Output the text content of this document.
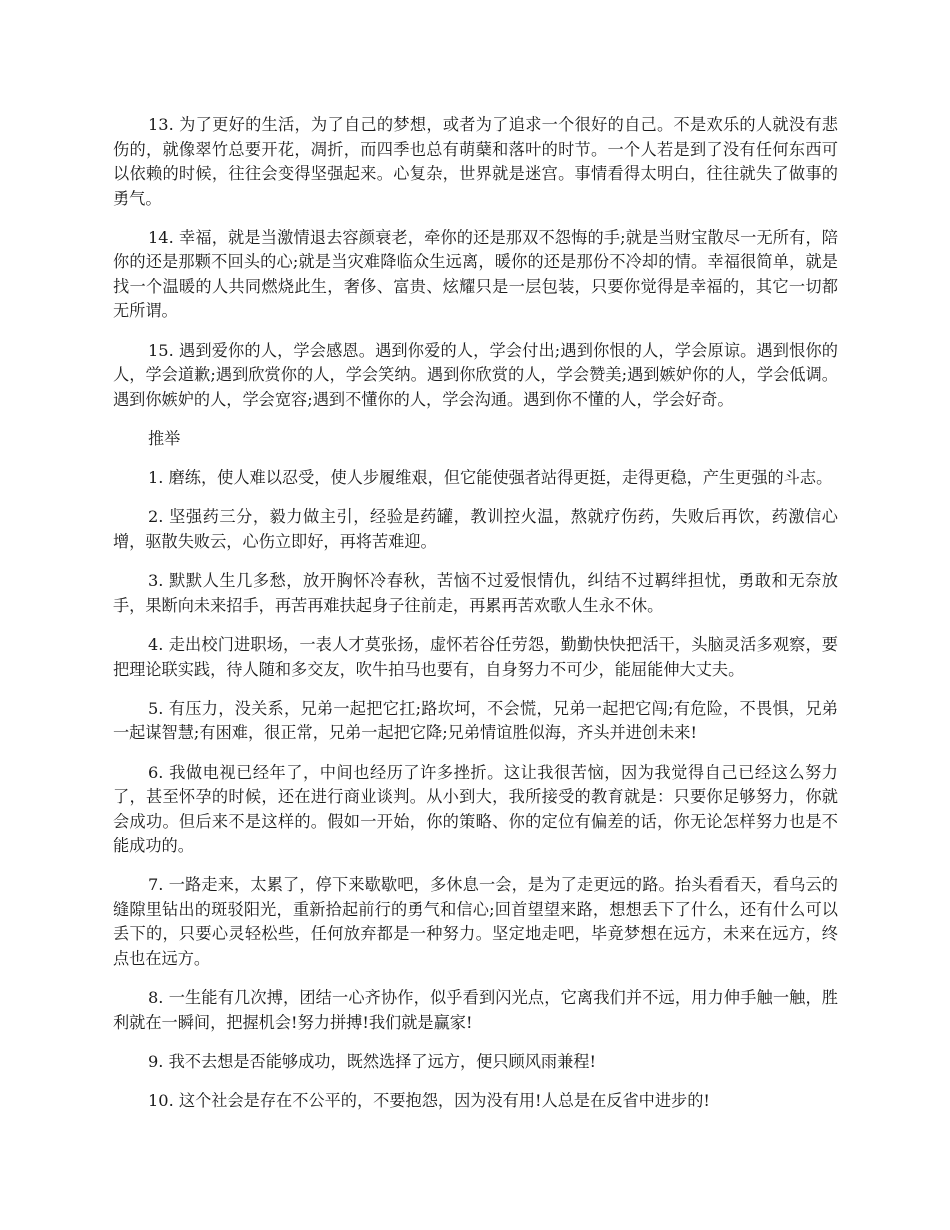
13. 为了更好的生活，为了自己的梦想，或者为了追求一个很好的自己。不是欢乐的人就没有悲伤的，就像翠竹总要开花，凋折，而四季也总有萌蘖和落叶的时节。一个人若是到了没有任何东西可以依赖的时候，往往会变得坚强起来。心复杂，世界就是迷宫。事情看得太明白，往往就失了做事的勇气。

14. 幸福，就是当激情退去容颜衰老，牵你的还是那双不怨悔的手;就是当财宝散尽一无所有，陪你的还是那颗不回头的心;就是当灾难降临众生远离，暖你的还是那份不冷却的情。幸福很简单，就是找一个温暖的人共同燃烧此生，奢侈、富贵、炫耀只是一层包装，只要你觉得是幸福的，其它一切都无所谓。

15. 遇到爱你的人，学会感恩。遇到你爱的人，学会付出;遇到你恨的人，学会原谅。遇到恨你的人，学会道歉;遇到欣赏你的人，学会笑纳。遇到你欣赏的人，学会赞美;遇到嫉妒你的人，学会低调。遇到你嫉妒的人，学会宽容;遇到不懂你的人，学会沟通。遇到你不懂的人，学会好奇。

推举

1. 磨练，使人难以忍受，使人步履维艰，但它能使强者站得更挺，走得更稳，产生更强的斗志。

2. 坚强药三分，毅力做主引，经验是药罐，教训控火温，熬就疗伤药，失败后再饮，药激信心增，驱散失败云，心伤立即好，再将苦难迎。

3. 默默人生几多愁，放开胸怀冷春秋，苦恼不过爱恨情仇，纠结不过羁绊担忧，勇敢和无奈放手，果断向未来招手，再苦再难扶起身子往前走，再累再苦欢歌人生永不休。

4. 走出校门进职场，一表人才莫张扬，虚怀若谷任劳怨，勤勤快快把活干，头脑灵活多观察，要把理论联实践，待人随和多交友，吹牛拍马也要有，自身努力不可少，能屈能伸大丈夫。

5. 有压力，没关系，兄弟一起把它扛;路坎坷，不会慌，兄弟一起把它闯;有危险，不畏惧，兄弟一起谋智慧;有困难，很正常，兄弟一起把它降;兄弟情谊胜似海，齐头并进创未来!

6. 我做电视已经年了，中间也经历了许多挫折。这让我很苦恼，因为我觉得自己已经这么努力了，甚至怀孕的时候，还在进行商业谈判。从小到大，我所接受的教育就是：只要你足够努力，你就会成功。但后来不是这样的。假如一开始，你的策略、你的定位有偏差的话，你无论怎样努力也是不能成功的。

7. 一路走来，太累了，停下来歇歇吧，多休息一会，是为了走更远的路。抬头看看天，看乌云的缝隙里钻出的斑驳阳光，重新拾起前行的勇气和信心;回首望望来路，想想丢下了什么，还有什么可以丢下的，只要心灵轻松些，任何放弃都是一种努力。坚定地走吧，毕竟梦想在远方，未来在远方，终点也在远方。

8. 一生能有几次搏，团结一心齐协作，似乎看到闪光点，它离我们并不远，用力伸手触一触，胜利就在一瞬间，把握机会!努力拼搏!我们就是赢家!

9. 我不去想是否能够成功，既然选择了远方，便只顾风雨兼程!

10. 这个社会是存在不公平的，不要抱怨，因为没有用!人总是在反省中进步的!
